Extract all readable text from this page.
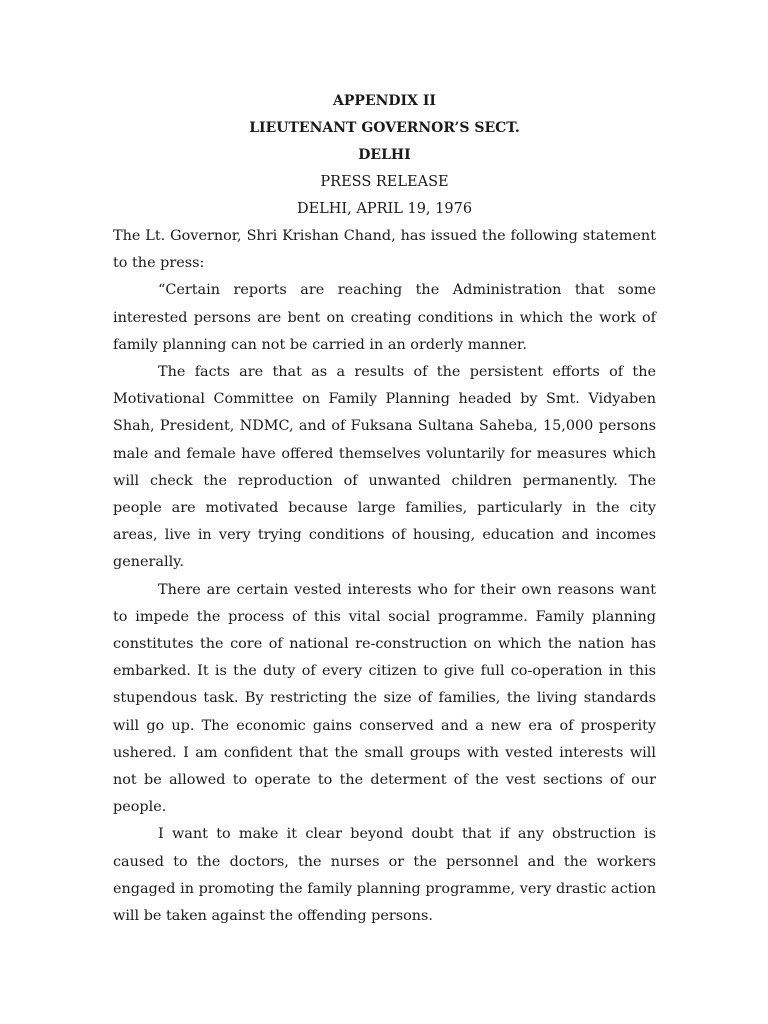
APPENDIX II
LIEUTENANT GOVERNOR’S SECT.
DELHI
PRESS RELEASE
DELHI, APRIL 19, 1976

The Lt. Governor, Shri Krishan Chand, has issued the following statement to the press:

“Certain reports are reaching the Administration that some interested persons are bent on creating conditions in which the work of family planning can not be carried in an orderly manner.

The facts are that as a results of the persistent efforts of the Motivational Committee on Family Planning headed by Smt. Vidyaben Shah, President, NDMC, and of Fuksana Sultana Saheba, 15,000 persons male and female have offered themselves voluntarily for measures which will check the reproduction of unwanted children permanently. The people are motivated because large families, particularly in the city areas, live in very trying conditions of housing, education and incomes generally.

There are certain vested interests who for their own reasons want to impede the process of this vital social programme. Family planning constitutes the core of national re-construction on which the nation has embarked. It is the duty of every citizen to give full co-operation in this stupendous task. By restricting the size of families, the living standards will go up. The economic gains conserved and a new era of prosperity ushered. I am confident that the small groups with vested interests will not be allowed to operate to the determent of the vest sections of our people.

I want to make it clear beyond doubt that if any obstruction is caused to the doctors, the nurses or the personnel and the workers engaged in promoting the family planning programme, very drastic action will be taken against the offending persons.
